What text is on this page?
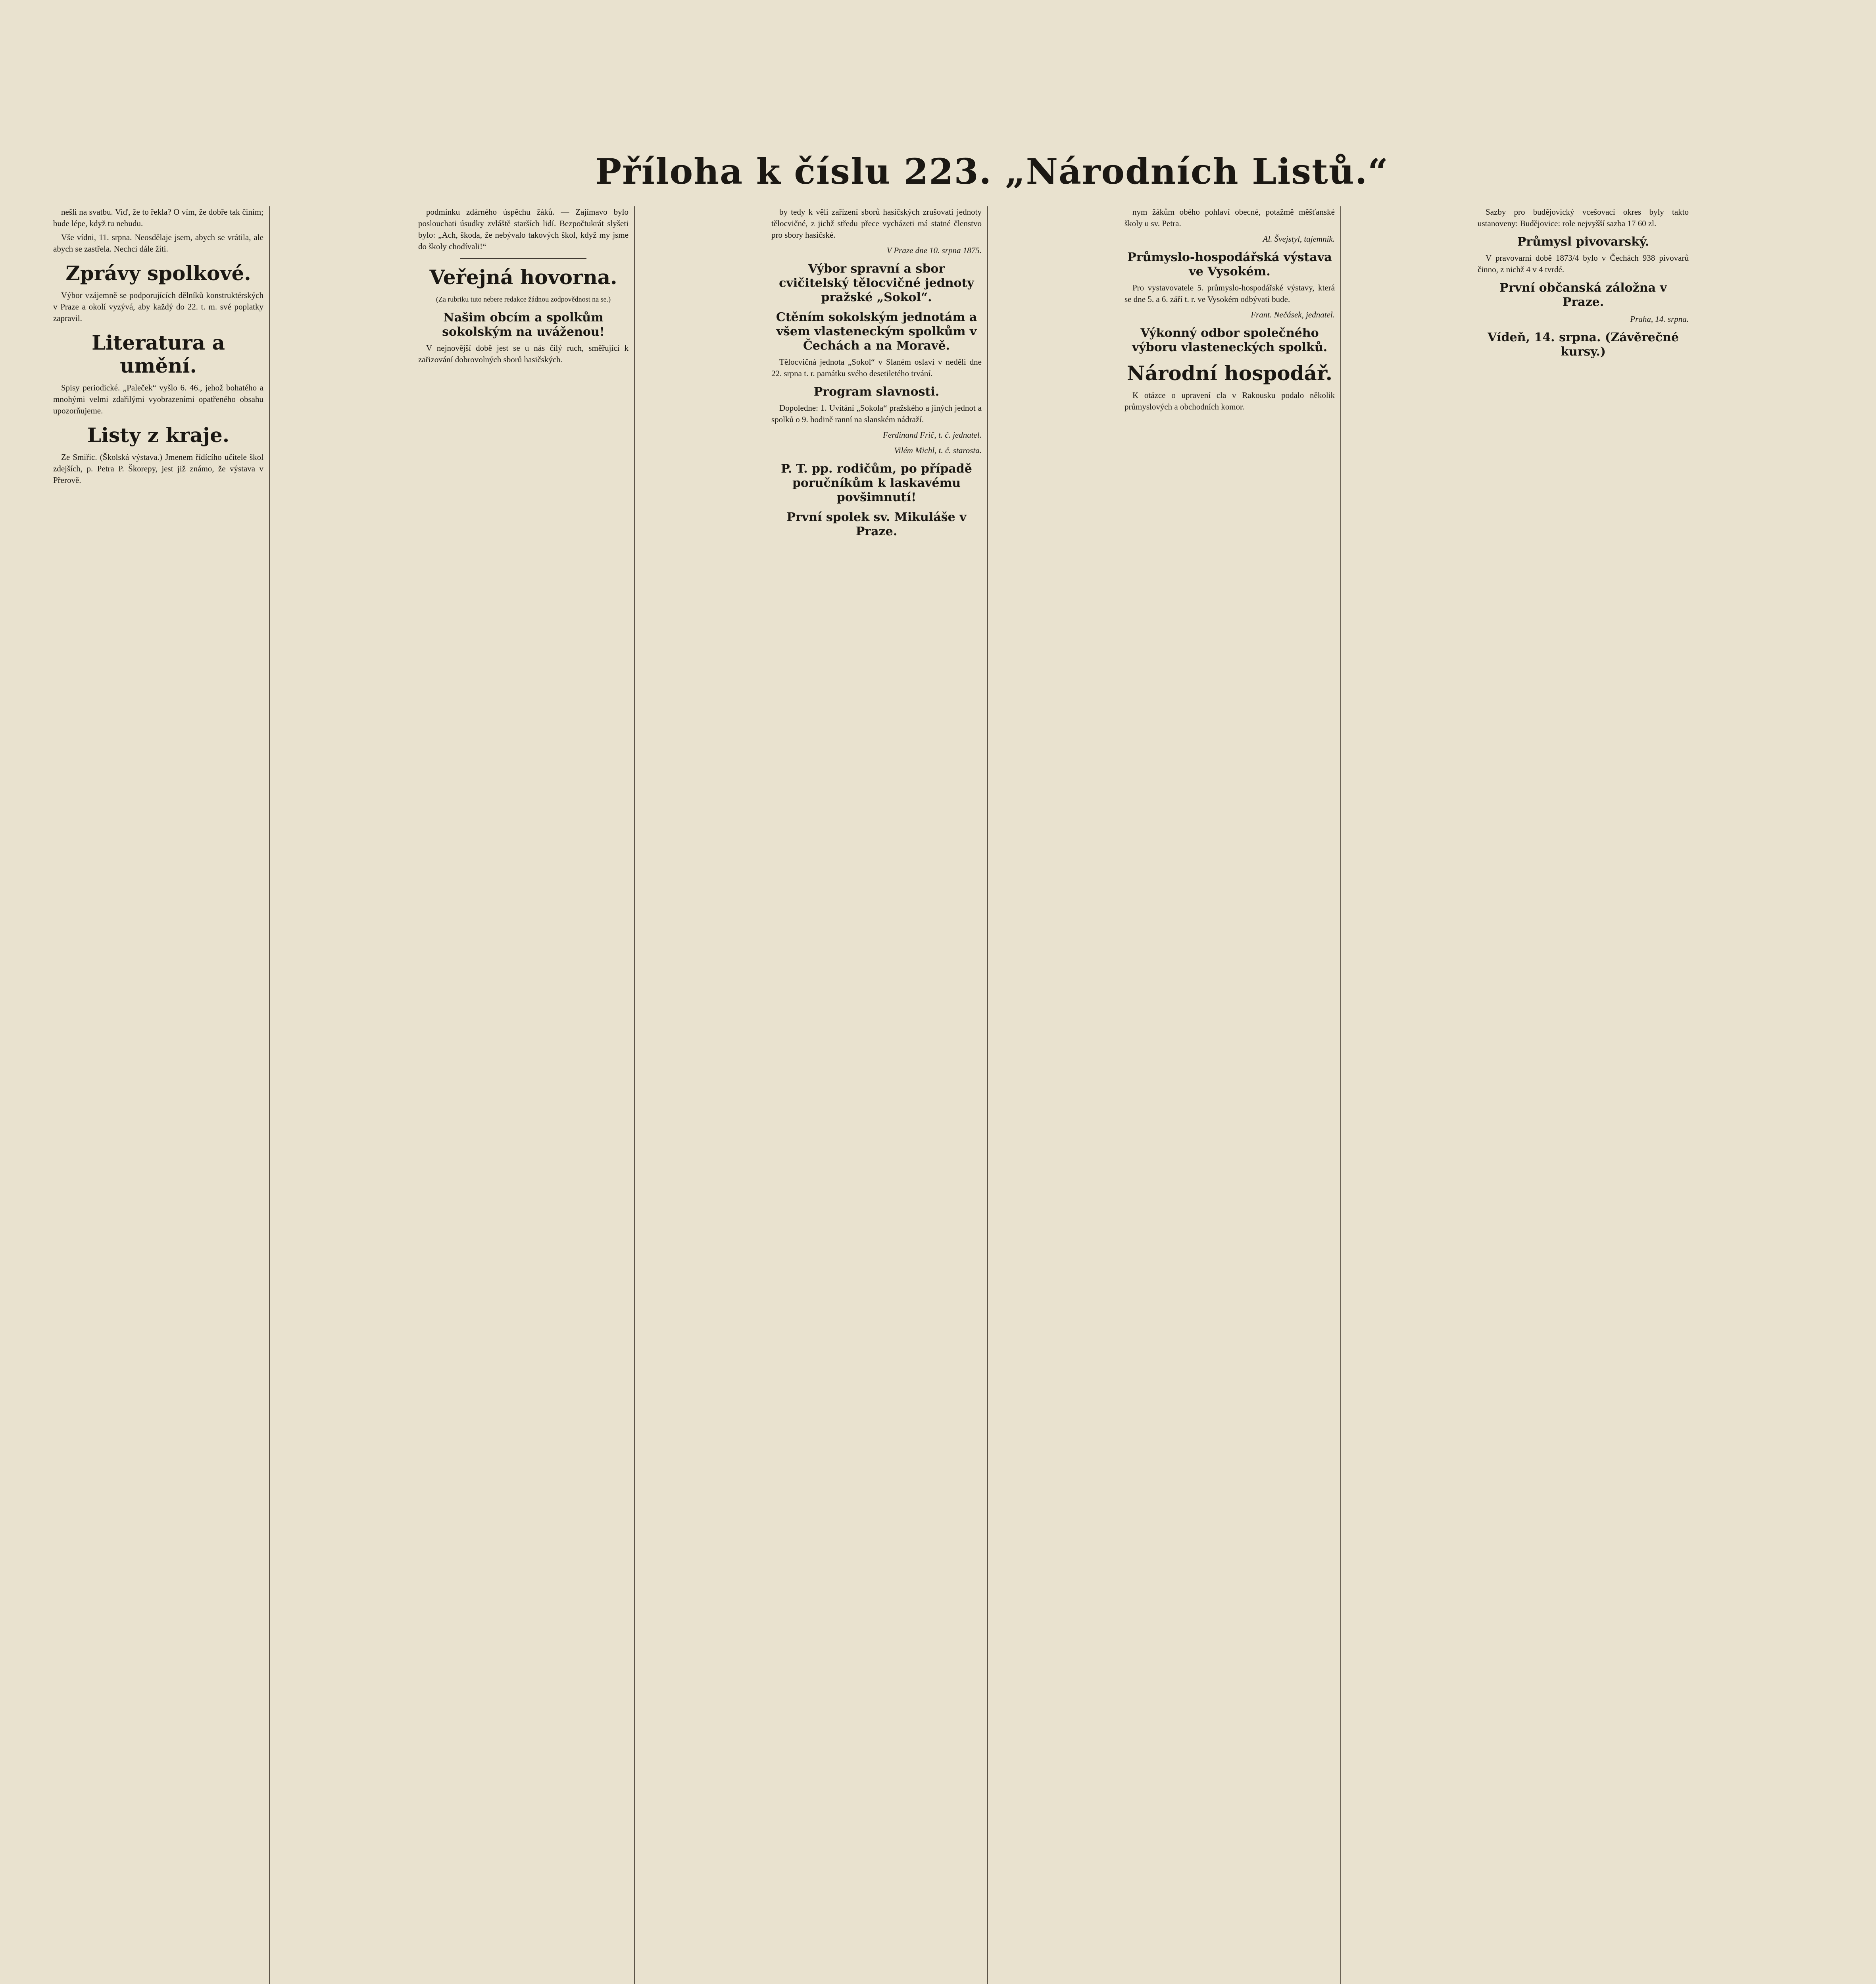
Příloha k číslu 223. „Národních Listů.“

nešli na svatbu. Viď, že to řekla? O vím, že dobře tak činím; bude lépe, když tu nebudu.

Vše vídni, 11. srpna. Neosdělaje jsem, abych se vrátila, ale abych se zastřela. Nechci dále žíti.

Zprávy spolkové.

Výbor vzájemně se podporujících dělníků konstruktérských v Praze a okolí vyzývá, aby každý do 22. t. m. své poplatky zapravil.

Literatura a umění.

Spisy periodické. „Paleček“ vyšlo 6. 46., jehož bohatého a mnohými velmi zdařilými vyobrazeními opatřeného obsahu upozorňujeme.

Listy z kraje.

Ze Smiřic. (Školská výstava.) Jmenem řídícího učitele škol zdejších, p. Petra P. Škorepy, jest již známo, že výstava v Přerově.

podmínku zdárného úspěchu žáků. — Zajímavo bylo poslouchati úsudky zvláště starších lidí. Bezpočtukrát slyšeti bylo: „Ach, škoda, že nebývalo takových škol, když my jsme do školy chodívali!“

Veřejná hovorna.
(Za rubriku tuto nebere redakce žádnou zodpovědnost na se.)
Našim obcím a spolkům sokolským na uváženou!

V nejnovější době jest se u nás čilý ruch, směřující k zařizování dobrovolných sborů hasičských.

by tedy k věli zařízení sborů hasičských zrušovati jednoty tělocvičné, z jichž středu přece vycházeti má statné členstvo pro sbory hasičské.

V Praze dne 10. srpna 1875.
Výbor spravní a sbor cvičitelský tělocvičné jednoty pražské „Sokol“.
Ctěním sokolským jednotám a všem vlasteneckým spolkům v Čechách a na Moravě.

Tělocvičná jednota „Sokol“ v Slaném oslaví v neděli dne 22. srpna t. r. památku svého desetiletého trvání.

Program slavnosti.

Dopoledne: 1. Uvítání „Sokola“ pražského a jiných jednot a spolků o 9. hodině ranní na slanském nádraží.

Ferdinand Frič, t. č. jednatel.
Vilém Michl, t. č. starosta.
P. T. pp. rodičům, po případě poručníkům k laskavému povšimnutí!
První spolek sv. Mikuláše v Praze.

nym žákům obého pohlaví obecné, potažmě měšťanské školy u sv. Petra.

Al. Švejstyl, tajemník.
Průmyslo-hospodářská výstava ve Vysokém.

Pro vystavovatele 5. průmyslo-hospodářské výstavy, která se dne 5. a 6. září t. r. ve Vysokém odbývati bude.

Frant. Nečásek, jednatel.
Výkonný odbor společného výboru vlasteneckých spolků.
Národní hospodář.

K otázce o upravení cla v Rakousku podalo několik průmyslových a obchodních komor.

Sazby pro budějovický vcešovací okres byly takto ustanoveny: Budějovice: role nejvyšší sazba 17 60 zl.

Průmysl pivovarský.

V pravovarní době 1873/4 bylo v Čechách 938 pivovarů činno, z nichž 4 v 4 tvrdé.

První občanská záložna v Praze.
Praha, 14. srpna.
Vídeň, 14. srpna. (Závěrečné kursy.)
